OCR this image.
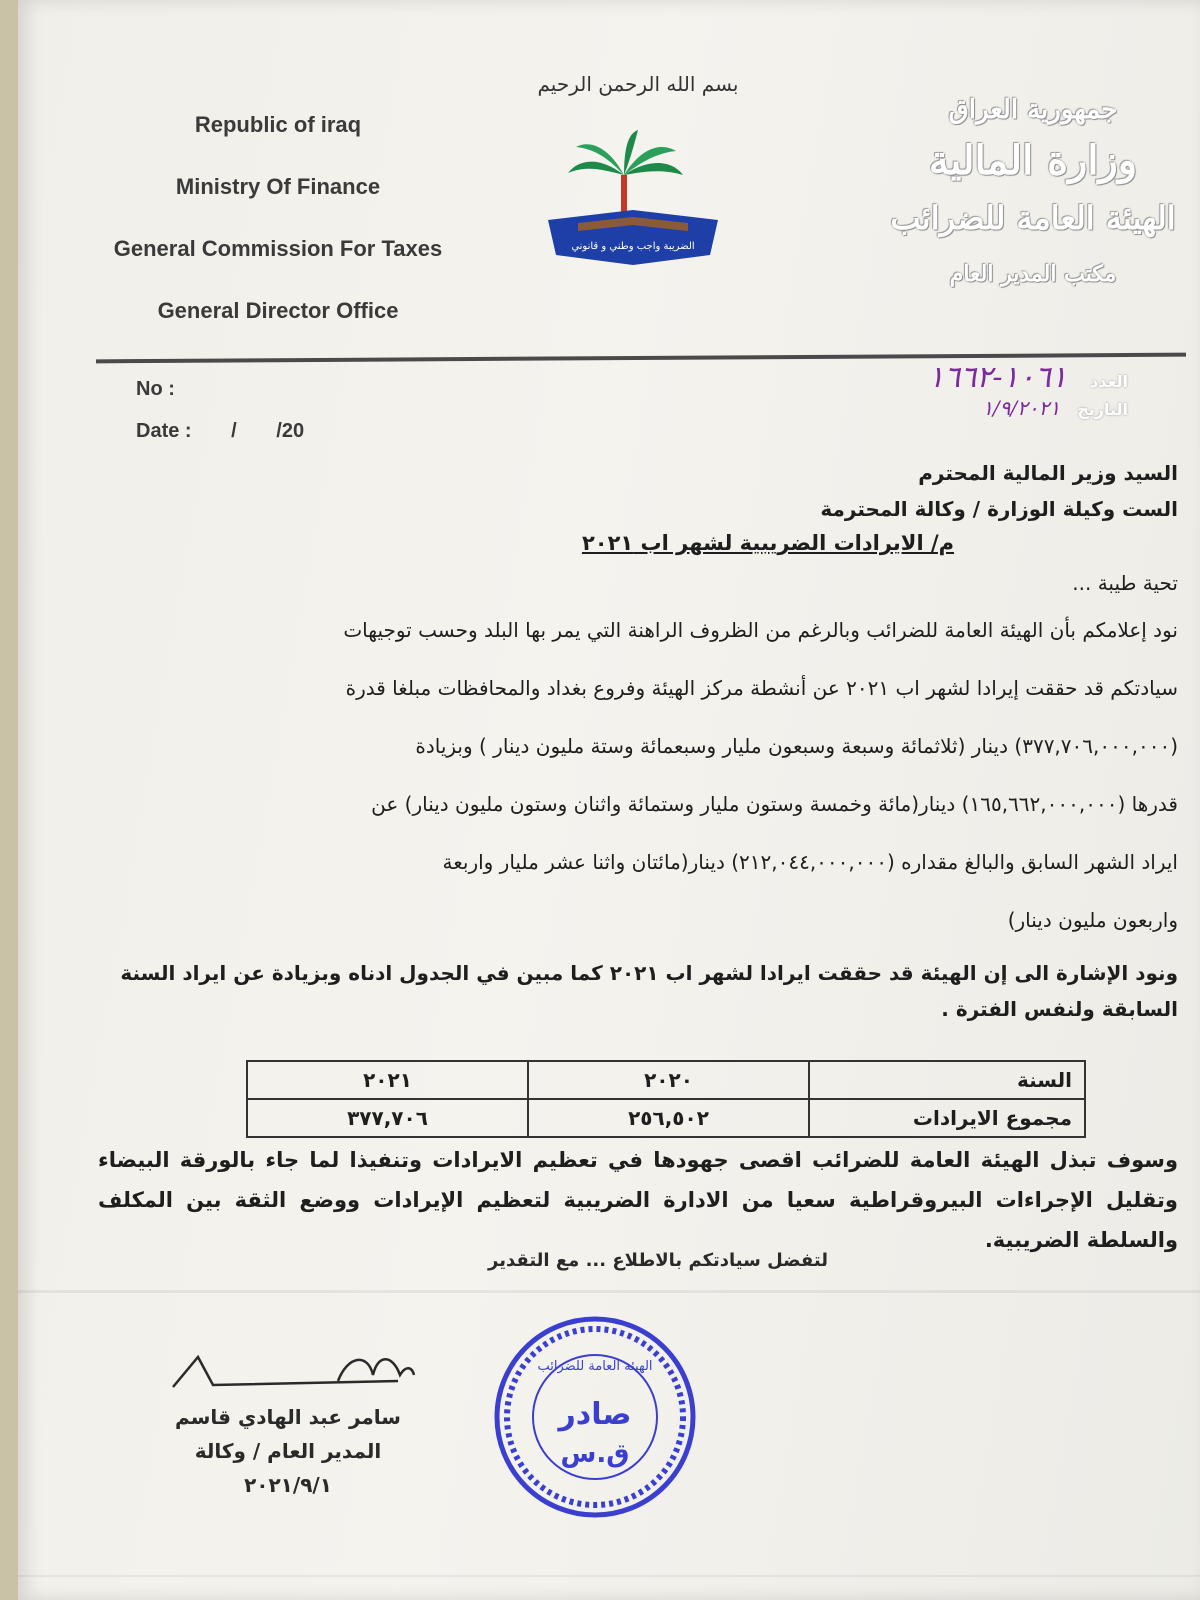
Republic of iraq
Ministry Of Finance
General Commission For Taxes
General Director Office
بسم الله الرحمن الرحيم
الضريبة واجب وطني و قانوني
جمهورية العراق
وزارة المالية
الهيئة العامة للضرائب
مكتب المدير العام
No :
Date : / /20
العدد ١٠٦١-١٦٦٢
التاريخ ١/٩/٢٠٢١
السيد وزير المالية المحترم
الست وكيلة الوزارة / وكالة المحترمة
م/ الايرادات الضريبية لشهر اب ٢٠٢١
تحية طيبة ...

نود إعلامكم بأن الهيئة العامة للضرائب وبالرغم من الظروف الراهنة التي يمر بها البلد وحسب توجيهات

سيادتكم قد حققت إيرادا لشهر اب ٢٠٢١ عن أنشطة مركز الهيئة وفروع بغداد والمحافظات مبلغا قدرة

(٣٧٧,٧٠٦,٠٠٠,٠٠٠) دينار (ثلاثمائة وسبعة وسبعون مليار وسبعمائة وستة مليون دينار ) وبزيادة

قدرها (١٦٥,٦٦٢,٠٠٠,٠٠٠) دينار(مائة وخمسة وستون مليار وستمائة واثنان وستون مليون دينار) عن

ايراد الشهر السابق والبالغ مقداره (٢١٢,٠٤٤,٠٠٠,٠٠٠) دينار(مائتان واثنا عشر مليار واربعة

واربعون مليون دينار)

ونود الإشارة الى إن الهيئة قد حققت ايرادا لشهر اب ٢٠٢١ كما مبين في الجدول ادناه وبزيادة عن ايراد السنة السابقة ولنفس الفترة .
السنة	٢٠٢٠	٢٠٢١
مجموع الايرادات	٢٥٦,٥٠٢	٣٧٧,٧٠٦
وسوف تبذل الهيئة العامة للضرائب اقصى جهودها في تعظيم الايرادات وتنفيذا لما جاء بالورقة البيضاء وتقليل الإجراءات البيروقراطية سعيا من الادارة الضريبية لتعظيم الإيرادات ووضع الثقة بين المكلف والسلطة الضريبية.
لتفضل سيادتكم بالاطلاع ... مع التقدير
سامر عبد الهادي قاسم
المدير العام / وكالة
٢٠٢١/٩/١
الهيئة العامة للضرائب
صادر
ق.س
